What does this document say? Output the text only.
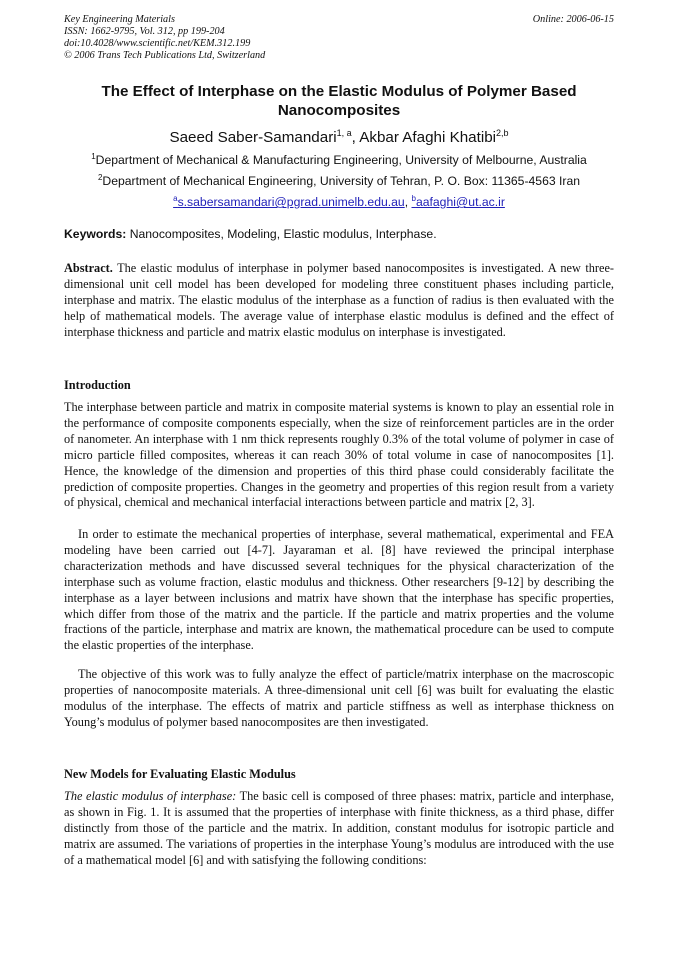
Key Engineering Materials
ISSN: 1662-9795, Vol. 312, pp 199-204
doi:10.4028/www.scientific.net/KEM.312.199
© 2006 Trans Tech Publications Ltd, Switzerland
Online: 2006-06-15
The Effect of Interphase on the Elastic Modulus of Polymer Based Nanocomposites
Saeed Saber-Samandari$^{1, a}$, Akbar Afaghi Khatibi$^{2,b}$
$^1$Department of Mechanical & Manufacturing Engineering, University of Melbourne, Australia
$^2$Department of Mechanical Engineering, University of Tehran, P. O. Box: 11365-4563 Iran
$^a$s.sabersamandari@pgrad.unimelb.edu.au, $^b$aafaghi@ut.ac.ir
Keywords: Nanocomposites, Modeling, Elastic modulus, Interphase.

Abstract. The elastic modulus of interphase in polymer based nanocomposites is investigated. A new three-dimensional unit cell model has been developed for modeling three constituent phases including particle, interphase and matrix. The elastic modulus of the interphase as a function of radius is then evaluated with the help of mathematical models. The average value of interphase elastic modulus is defined and the effect of interphase thickness and particle and matrix elastic modulus on interphase is investigated.

Introduction

The interphase between particle and matrix in composite material systems is known to play an essential role in the performance of composite components especially, when the size of reinforcement particles are in the order of nanometer. An interphase with 1 nm thick represents roughly 0.3% of the total volume of polymer in case of micro particle filled composites, whereas it can reach 30% of total volume in case of nanocomposites [1]. Hence, the knowledge of the dimension and properties of this third phase could considerably facilitate the prediction of composite properties. Changes in the geometry and properties of this region result from a variety of physical, chemical and mechanical interfacial interactions between particle and matrix [2, 3].

In order to estimate the mechanical properties of interphase, several mathematical, experimental and FEA modeling have been carried out [4-7]. Jayaraman et al. [8] have reviewed the principal interphase characterization methods and have discussed several techniques for the physical characterization of the interphase such as volume fraction, elastic modulus and thickness. Other researchers [9-12] by describing the interphase as a layer between inclusions and matrix have shown that the interphase has specific properties, which differ from those of the matrix and the particle. If the particle and matrix properties and the volume fractions of the particle, interphase and matrix are known, the mathematical procedure can be used to compute the elastic properties of the interphase.

The objective of this work was to fully analyze the effect of particle/matrix interphase on the macroscopic properties of nanocomposite materials. A three-dimensional unit cell [6] was built for evaluating the elastic modulus of the interphase. The effects of matrix and particle stiffness as well as interphase thickness on Young’s modulus of polymer based nanocomposites are then investigated.

New Models for Evaluating Elastic Modulus

The elastic modulus of interphase: The basic cell is composed of three phases: matrix, particle and interphase, as shown in Fig. 1. It is assumed that the properties of interphase with finite thickness, as a third phase, differ distinctly from those of the particle and the matrix. In addition, constant modulus for isotropic particle and matrix are assumed. The variations of properties in the interphase Young’s modulus are introduced with the use of a mathematical model [6] and with satisfying the following conditions:
